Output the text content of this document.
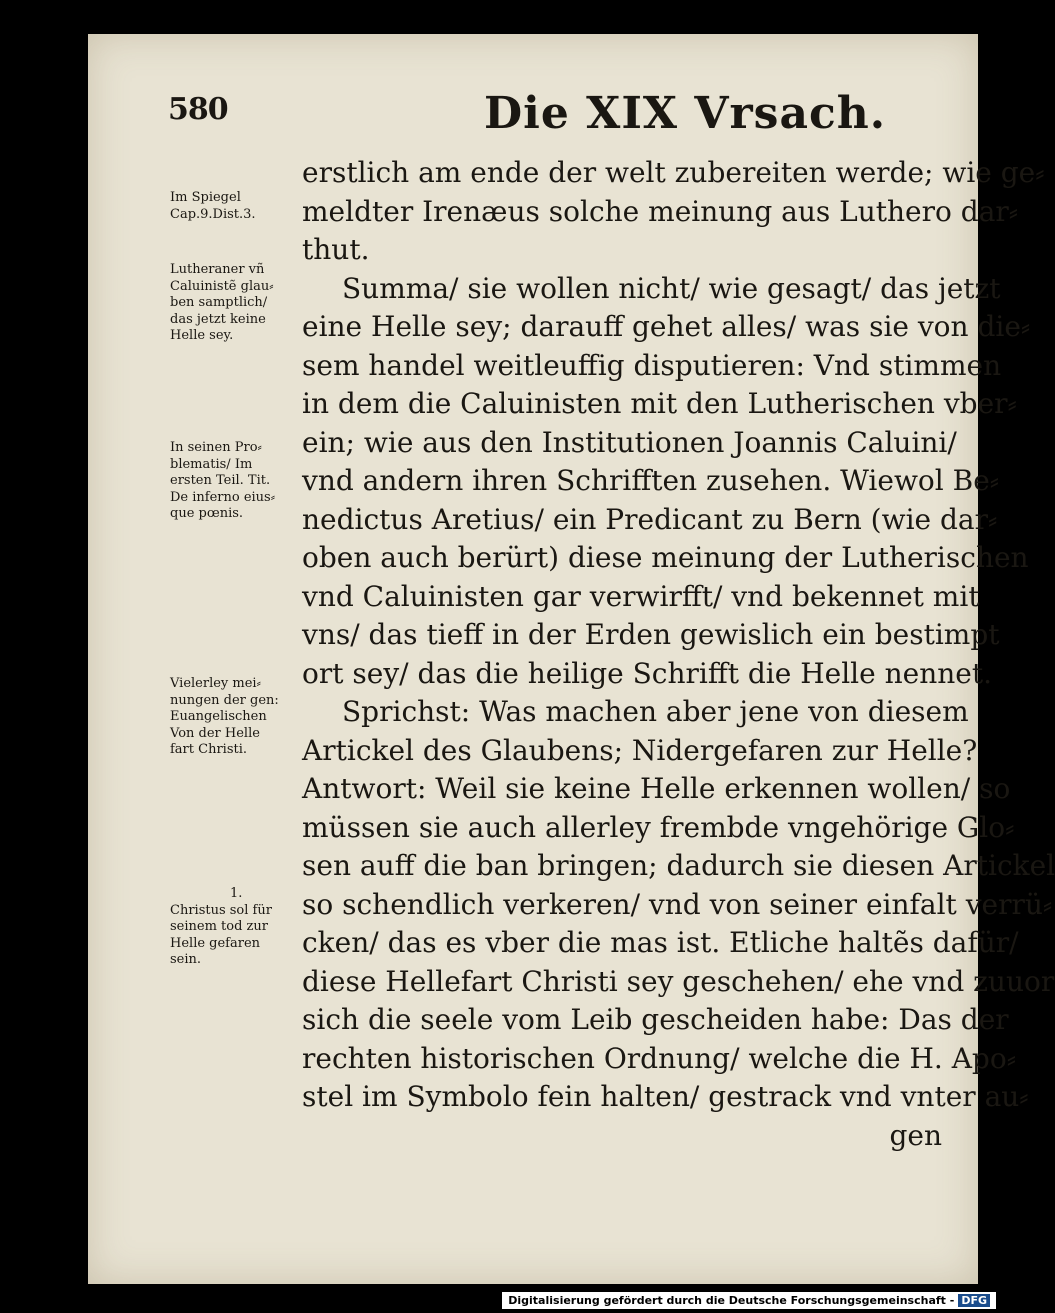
580	Die XIX Vrsach.
erstlich am ende der welt zubereiten werde; wie ge⸗
meldter Irenæus solche meinung aus Luthero dar⸗
thut.
Summa/ sie wollen nicht/ wie gesagt/ das jetzt
eine Helle sey; darauff gehet alles/ was sie von die⸗
sem handel weitleuffig disputieren: Vnd stimmen
in dem die Caluinisten mit den Lutherischen vber⸗
ein; wie aus den Institutionen Joannis Caluini/
vnd andern ihren Schrifften zusehen. Wiewol Be⸗
nedictus Aretius/ ein Predicant zu Bern (wie dar⸗
oben auch berürt) diese meinung der Lutherischen
vnd Caluinisten gar verwirfft/ vnd bekennet mit
vns/ das tieff in der Erden gewislich ein bestimpt
ort sey/ das die heilige Schrifft die Helle nennet.
Sprichst: Was machen aber jene von diesem
Artickel des Glaubens; Nidergefaren zur Helle?
Antwort: Weil sie keine Helle erkennen wollen/ so
müssen sie auch allerley frembde vngehörige Glo⸗
sen auff die ban bringen; dadurch sie diesen Artickel
so schendlich verkeren/ vnd von seiner einfalt verrü⸗
cken/ das es vber die mas ist. Etliche haltẽs dafür/
diese Hellefart Christi sey geschehen/ ehe vnd zuuor
sich die seele vom Leib gescheiden habe: Das der
rechten historischen Ordnung/ welche die H. Apo⸗
stel im Symbolo fein halten/ gestrack vnd vnter au⸗
gen
Im Spiegel
Cap.9.Dist.3.
Lutheraner vñ
Caluinistẽ glau⸗
ben samptlich/
das jetzt keine
Helle sey.
In seinen Pro⸗
blematis/ Im
ersten Teil. Tit.
De inferno eius⸗
que pœnis.
Vielerley mei⸗
nungen der gen:
Euangelischen
Von der Helle
fart Christi.
1.
Christus sol für
seinem tod zur
Helle gefaren
sein.
Digitalisierung gefördert durch die Deutsche Forschungsgemeinschaft - DFG
